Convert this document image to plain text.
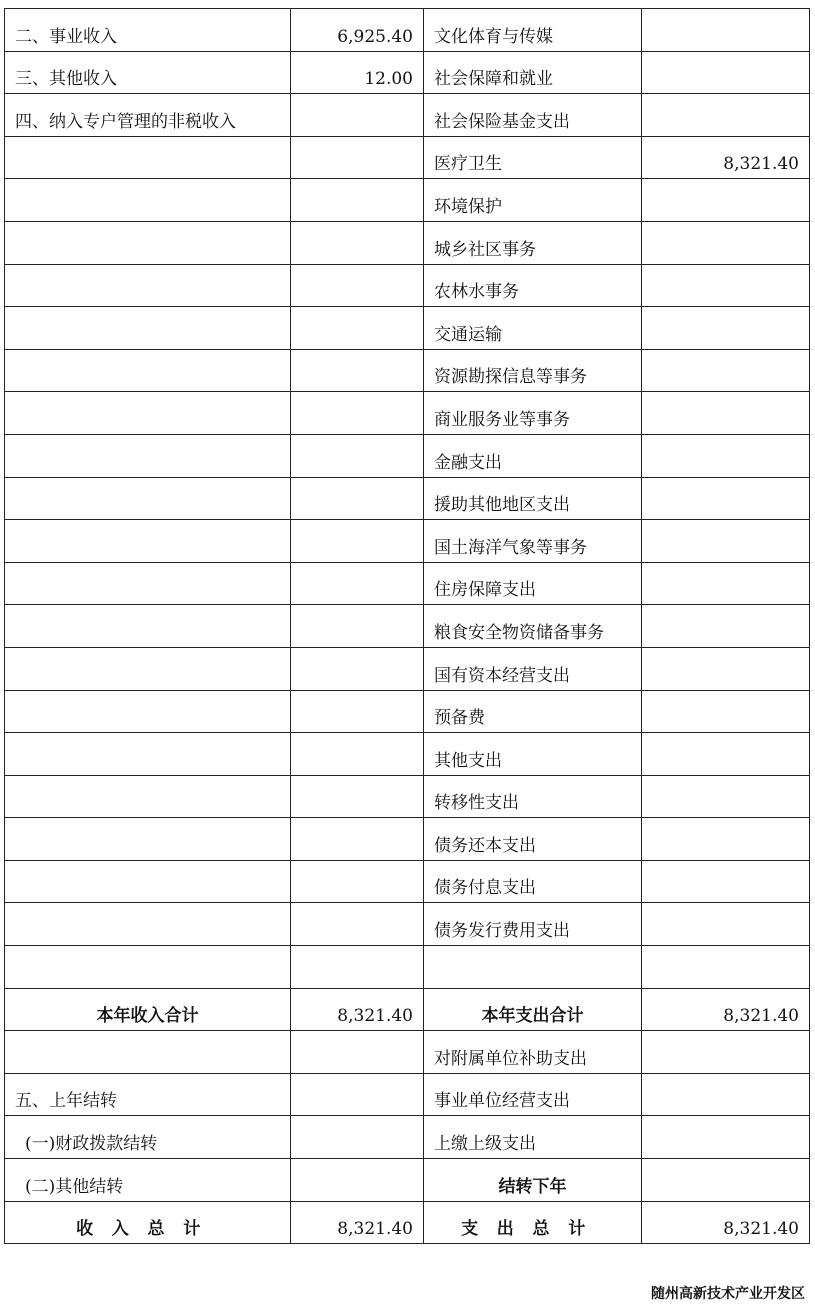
二、事业收入	6,925.40	文化体育与传媒	
三、其他收入	12.00	社会保障和就业	
四、纳入专户管理的非税收入		社会保险基金支出	
		医疗卫生	8,321.40
		环境保护	
		城乡社区事务	
		农林水事务	
		交通运输	
		资源勘探信息等事务	
		商业服务业等事务	
		金融支出	
		援助其他地区支出	
		国土海洋气象等事务	
		住房保障支出	
		粮食安全物资储备事务	
		国有资本经营支出	
		预备费	
		其他支出	
		转移性支出	
		债务还本支出	
		债务付息支出	
		债务发行费用支出	

本年收入合计	8,321.40	本年支出合计	8,321.40
		对附属单位补助支出	
五、上年结转		事业单位经营支出	
(一)财政拨款结转		上缴上级支出	
(二)其他结转		结转下年	
收入总计	8,321.40	支出总计	8,321.40
随州高新技术产业开发区
